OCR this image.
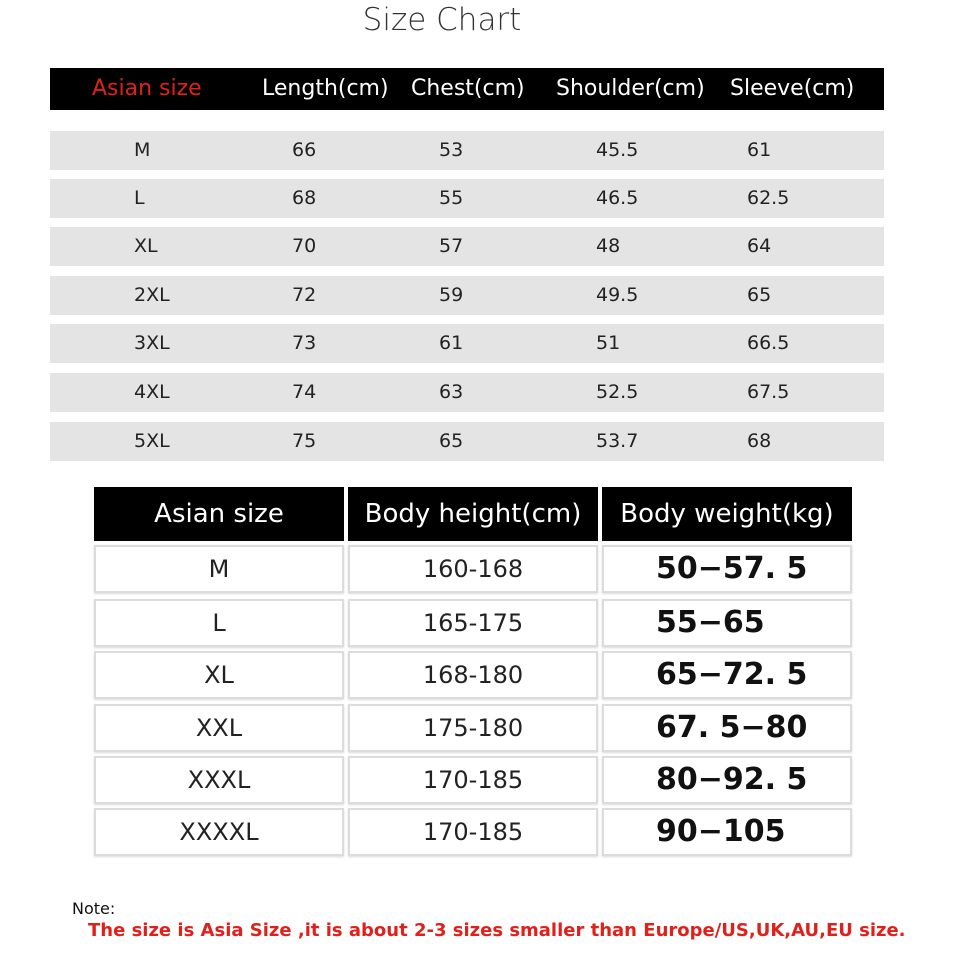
Size Chart
Asian size	Length(cm) Chest(cm) Shoulder(cm) Sleeve(cm)
M	66	53	45.5	61
L	68	55	46.5	62.5
XL	70	57	48	64
2XL	72	59	49.5	65
3XL	73	61	51	66.5
4XL	74	63	52.5	67.5
5XL	75	65	53.7	68
Asian size	Body height(cm)	Body weight(kg)
M	160-168	50−57. 5
L	165-175	55−65
XL	168-180	65−72. 5
XXL	175-180	67. 5−80
XXXL	170-185	80−92. 5
XXXXL	170-185	90−105
Note:
The size is Asia Size ,it is about 2-3 sizes smaller than Europe/US,UK,AU,EU size.
